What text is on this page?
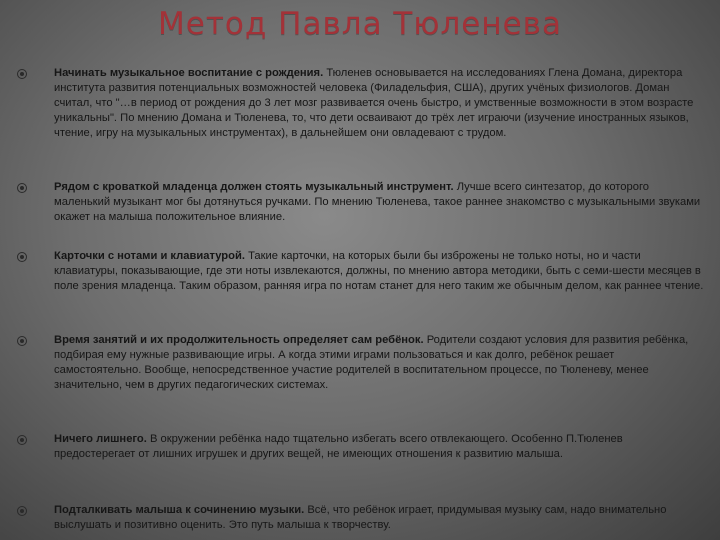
Метод Павла Тюленева
Начинать музыкальное воспитание с рождения. Тюленев основывается на исследованиях Глена Домана, директора института развития потенциальных возможностей человека (Филадельфия, США), других учёных физиологов. Доман считал, что "…в период от рождения до 3 лет мозг развивается очень быстро, и умственные возможности в этом возрасте уникальны". По мнению Домана и Тюленева, то, что дети осваивают до трёх лет играючи (изучение иностранных языков, чтение, игру на музыкальных инструментах), в дальнейшем они овладевают с трудом.
Рядом с кроваткой младенца должен стоять музыкальный инструмент. Лучше всего синтезатор, до которого маленький музыкант мог бы дотянуться ручками. По мнению Тюленева, такое раннее знакомство с музыкальными звуками окажет на малыша положительное влияние.
Карточки с нотами и клавиатурой. Такие карточки, на которых были бы изброжены не только ноты, но и части клавиатуры, показывающие, где эти ноты извлекаются, должны, по мнению автора методики, быть с семи-шести месяцев в поле зрения младенца. Таким образом, ранняя игра по нотам станет для него таким же обычным делом, как раннее чтение.
Время занятий и их продолжительность определяет сам ребёнок. Родители создают условия для развития ребёнка, подбирая ему нужные развивающие игры. А когда этими играми пользоваться и как долго, ребёнок решает самостоятельно. Вообще, непосредственное участие родителей в воспитательном процессе, по Тюленеву, менее значительно, чем в других педагогических системах.
Ничего лишнего. В окружении ребёнка надо тщательно избегать всего отвлекающего. Особенно П.Тюленев предостерегает от лишних игрушек и других вещей, не имеющих отношения к развитию малыша.
Подталкивать малыша к сочинению музыки. Всё, что ребёнок играет, придумывая музыку сам, надо внимательно выслушать и позитивно оценить. Это путь малыша к творчеству.
